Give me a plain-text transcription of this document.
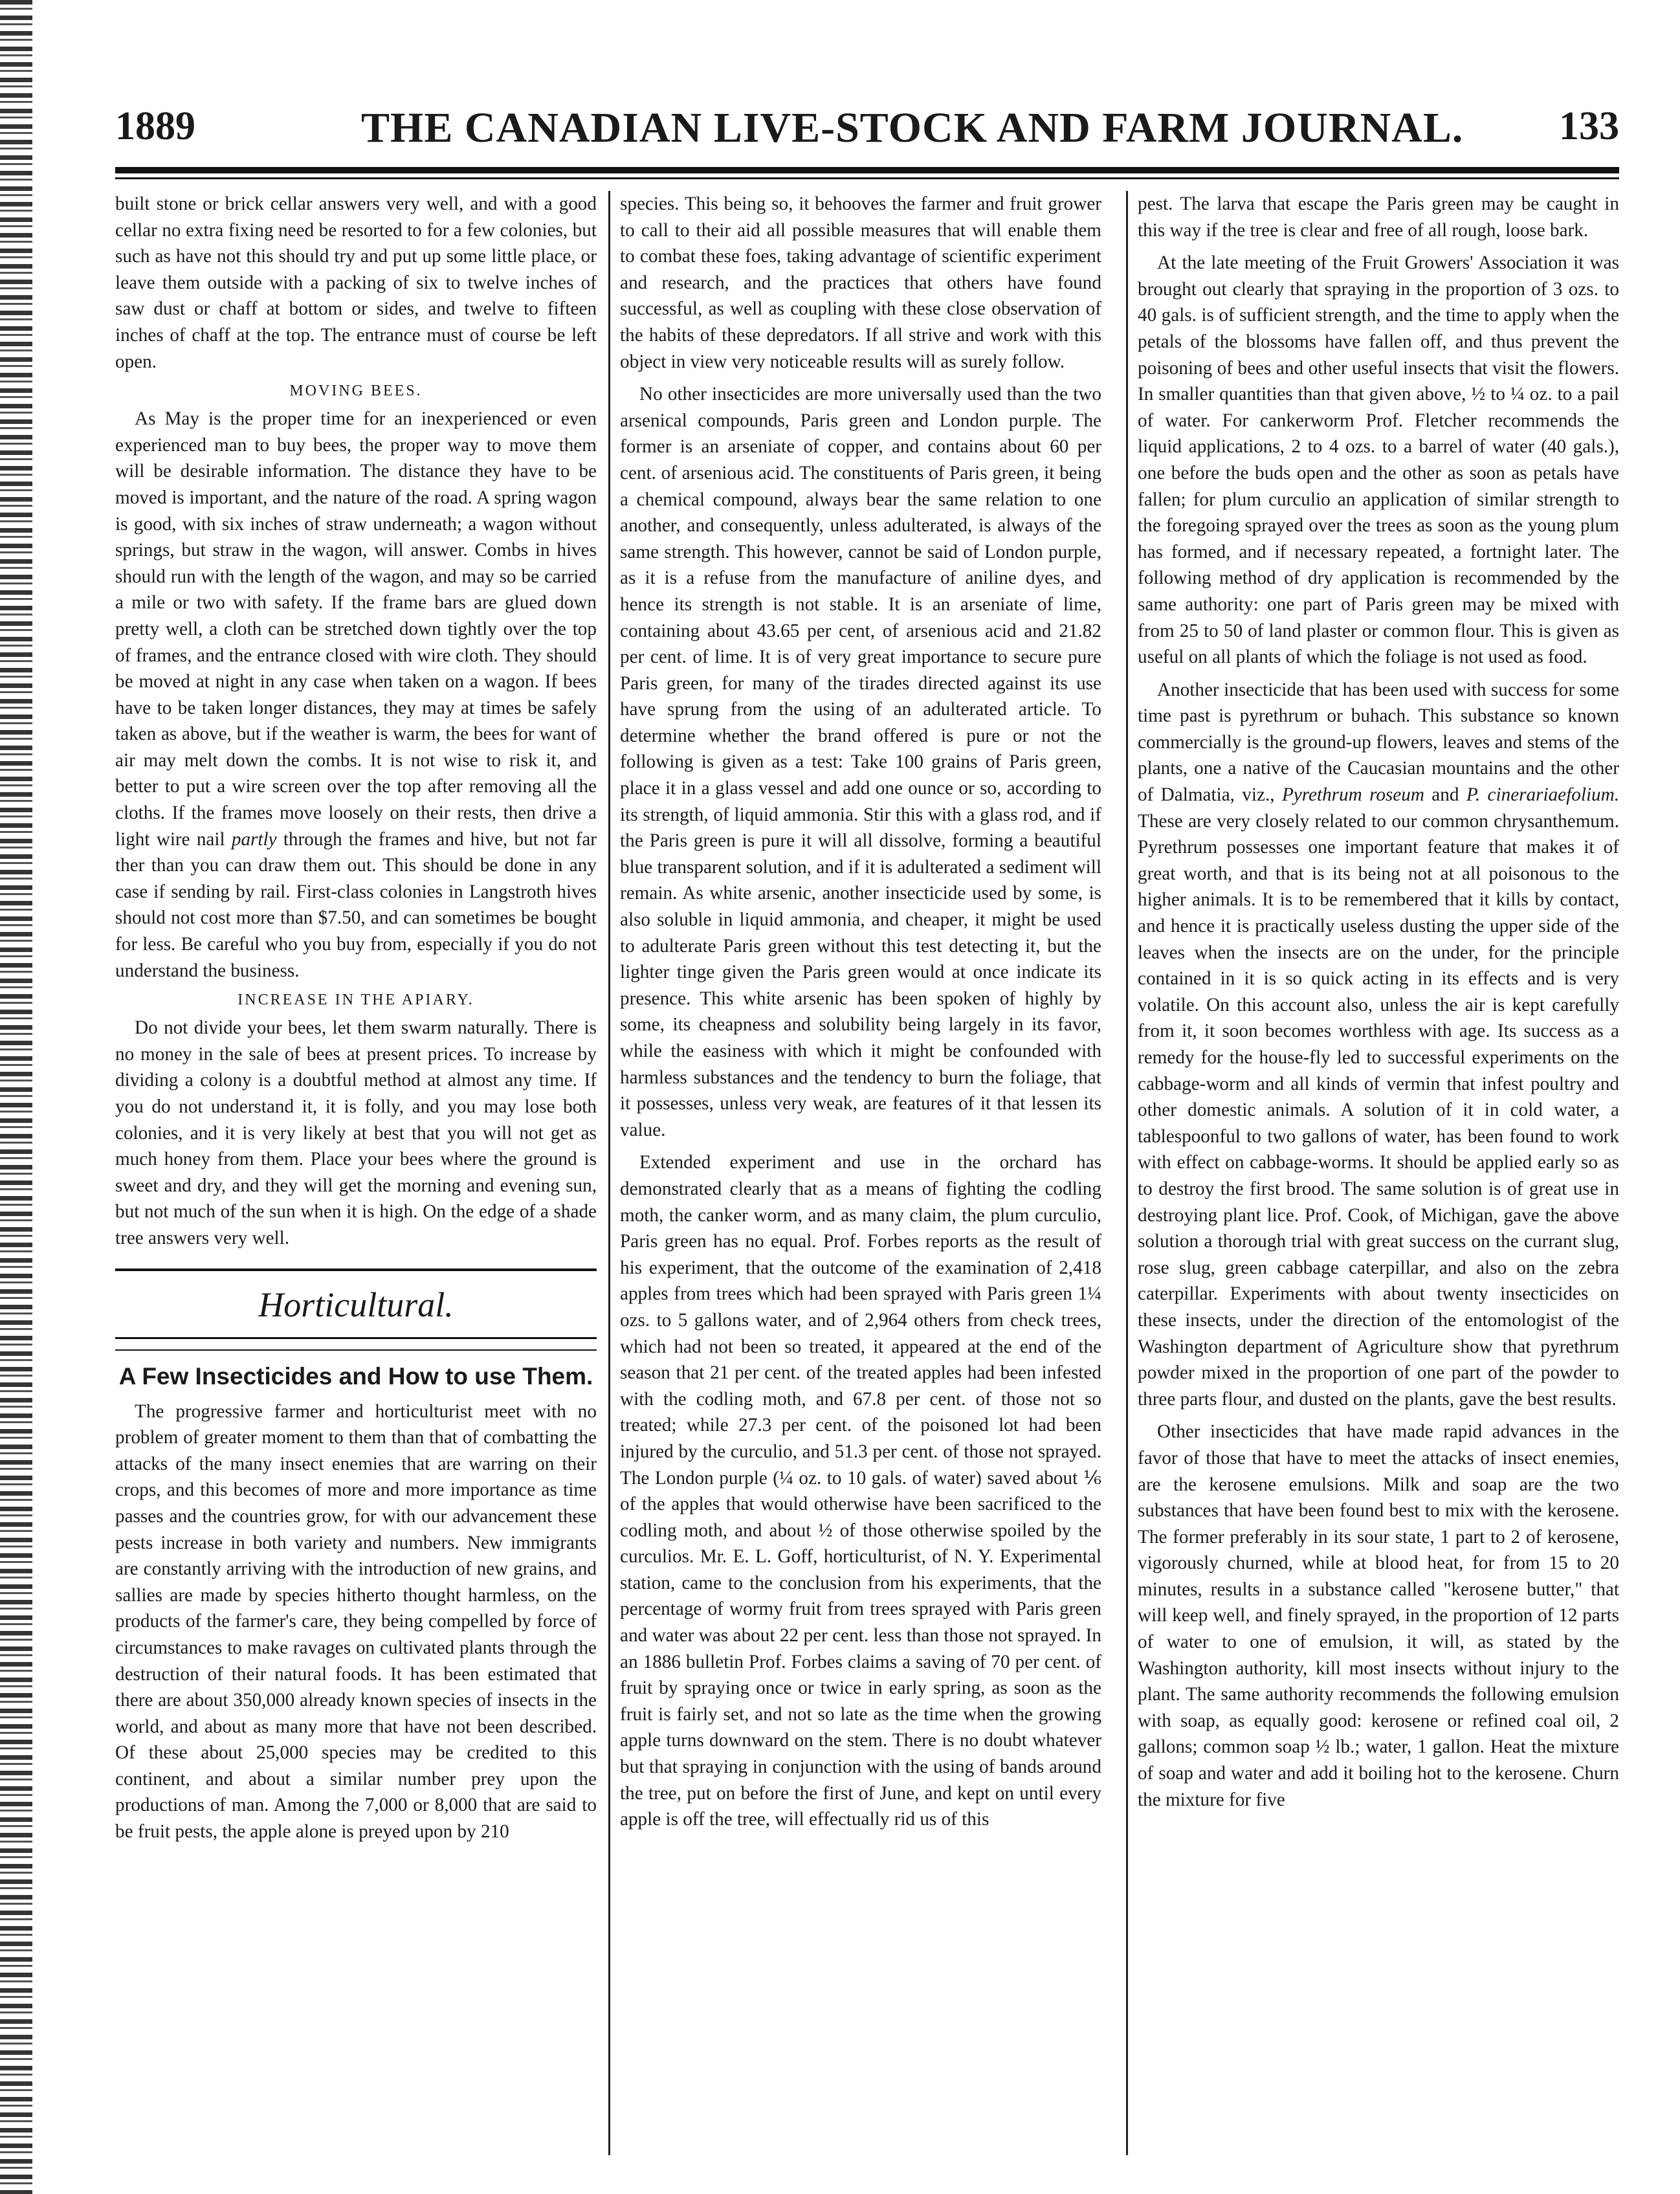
1889	THE CANADIAN LIVE-STOCK AND FARM JOURNAL.	133

built stone or brick cellar answers very well, and with a good cellar no extra fixing need be resorted to for a few colonies, but such as have not this should try and put up some little place, or leave them outside with a packing of six to twelve inches of saw dust or chaff at bottom or sides, and twelve to fifteen inches of chaff at the top. The entrance must of course be left open.

MOVING BEES.

As May is the proper time for an inexperienced or even experienced man to buy bees, the proper way to move them will be desirable information. The distance they have to be moved is important, and the nature of the road. A spring wagon is good, with six inches of straw underneath; a wagon without springs, but straw in the wagon, will answer. Combs in hives should run with the length of the wagon, and may so be carried a mile or two with safety. If the frame bars are glued down pretty well, a cloth can be stretched down tightly over the top of frames, and the entrance closed with wire cloth. They should be moved at night in any case when taken on a wagon. If bees have to be taken longer distances, they may at times be safely taken as above, but if the weather is warm, the bees for want of air may melt down the combs. It is not wise to risk it, and better to put a wire screen over the top after removing all the cloths. If the frames move loosely on their rests, then drive a light wire nail partly through the frames and hive, but not far ther than you can draw them out. This should be done in any case if sending by rail. First-class colonies in Langstroth hives should not cost more than $7.50, and can sometimes be bought for less. Be careful who you buy from, especially if you do not understand the business.

INCREASE IN THE APIARY.

Do not divide your bees, let them swarm naturally. There is no money in the sale of bees at present prices. To increase by dividing a colony is a doubtful method at almost any time. If you do not understand it, it is folly, and you may lose both colonies, and it is very likely at best that you will not get as much honey from them. Place your bees where the ground is sweet and dry, and they will get the morning and evening sun, but not much of the sun when it is high. On the edge of a shade tree answers very well.

Horticultural.
A Few Insecticides and How to use Them.

The progressive farmer and horticulturist meet with no problem of greater moment to them than that of combatting the attacks of the many insect enemies that are warring on their crops, and this becomes of more and more importance as time passes and the countries grow, for with our advancement these pests increase in both variety and numbers. New immigrants are constantly arriving with the introduction of new grains, and sallies are made by species hitherto thought harmless, on the products of the farmer's care, they being compelled by force of circumstances to make ravages on cultivated plants through the destruction of their natural foods. It has been estimated that there are about 350,000 already known species of insects in the world, and about as many more that have not been described. Of these about 25,000 species may be credited to this continent, and about a similar number prey upon the productions of man. Among the 7,000 or 8,000 that are said to be fruit pests, the apple alone is preyed upon by 210

species. This being so, it behooves the farmer and fruit grower to call to their aid all possible measures that will enable them to combat these foes, taking advantage of scientific experiment and research, and the practices that others have found successful, as well as coupling with these close observation of the habits of these depredators. If all strive and work with this object in view very noticeable results will as surely follow.

No other insecticides are more universally used than the two arsenical compounds, Paris green and London purple. The former is an arseniate of copper, and contains about 60 per cent. of arsenious acid. The constituents of Paris green, it being a chemical compound, always bear the same relation to one another, and consequently, unless adulterated, is always of the same strength. This however, cannot be said of London purple, as it is a refuse from the manufacture of aniline dyes, and hence its strength is not stable. It is an arseniate of lime, containing about 43.65 per cent, of arsenious acid and 21.82 per cent. of lime. It is of very great importance to secure pure Paris green, for many of the tirades directed against its use have sprung from the using of an adulterated article. To determine whether the brand offered is pure or not the following is given as a test: Take 100 grains of Paris green, place it in a glass vessel and add one ounce or so, according to its strength, of liquid ammonia. Stir this with a glass rod, and if the Paris green is pure it will all dissolve, forming a beautiful blue transparent solution, and if it is adulterated a sediment will remain. As white arsenic, another insecticide used by some, is also soluble in liquid ammonia, and cheaper, it might be used to adulterate Paris green without this test detecting it, but the lighter tinge given the Paris green would at once indicate its presence. This white arsenic has been spoken of highly by some, its cheapness and solubility being largely in its favor, while the easiness with which it might be confounded with harmless substances and the tendency to burn the foliage, that it possesses, unless very weak, are features of it that lessen its value.

Extended experiment and use in the orchard has demonstrated clearly that as a means of fighting the codling moth, the canker worm, and as many claim, the plum curculio, Paris green has no equal. Prof. Forbes reports as the result of his experiment, that the outcome of the examination of 2,418 apples from trees which had been sprayed with Paris green 1¼ ozs. to 5 gallons water, and of 2,964 others from check trees, which had not been so treated, it appeared at the end of the season that 21 per cent. of the treated apples had been infested with the codling moth, and 67.8 per cent. of those not so treated; while 27.3 per cent. of the poisoned lot had been injured by the curculio, and 51.3 per cent. of those not sprayed. The London purple (¼ oz. to 10 gals. of water) saved about ⅙ of the apples that would otherwise have been sacrificed to the codling moth, and about ½ of those otherwise spoiled by the curculios. Mr. E. L. Goff, horticulturist, of N. Y. Experimental station, came to the conclusion from his experiments, that the percentage of wormy fruit from trees sprayed with Paris green and water was about 22 per cent. less than those not sprayed. In an 1886 bulletin Prof. Forbes claims a saving of 70 per cent. of fruit by spraying once or twice in early spring, as soon as the fruit is fairly set, and not so late as the time when the growing apple turns downward on the stem. There is no doubt whatever but that spraying in conjunction with the using of bands around the tree, put on before the first of June, and kept on until every apple is off the tree, will effectually rid us of this

pest. The larva that escape the Paris green may be caught in this way if the tree is clear and free of all rough, loose bark.

At the late meeting of the Fruit Growers' Association it was brought out clearly that spraying in the proportion of 3 ozs. to 40 gals. is of sufficient strength, and the time to apply when the petals of the blossoms have fallen off, and thus prevent the poisoning of bees and other useful insects that visit the flowers. In smaller quantities than that given above, ½ to ¼ oz. to a pail of water. For cankerworm Prof. Fletcher recommends the liquid applications, 2 to 4 ozs. to a barrel of water (40 gals.), one before the buds open and the other as soon as petals have fallen; for plum curculio an application of similar strength to the foregoing sprayed over the trees as soon as the young plum has formed, and if necessary repeated, a fortnight later. The following method of dry application is recommended by the same authority: one part of Paris green may be mixed with from 25 to 50 of land plaster or common flour. This is given as useful on all plants of which the foliage is not used as food.

Another insecticide that has been used with success for some time past is pyrethrum or buhach. This substance so known commercially is the ground-up flowers, leaves and stems of the plants, one a native of the Caucasian mountains and the other of Dalmatia, viz., Pyrethrum roseum and P. cinerariaefolium. These are very closely related to our common chrysanthemum. Pyrethrum possesses one important feature that makes it of great worth, and that is its being not at all poisonous to the higher animals. It is to be remembered that it kills by contact, and hence it is practically useless dusting the upper side of the leaves when the insects are on the under, for the principle contained in it is so quick acting in its effects and is very volatile. On this account also, unless the air is kept carefully from it, it soon becomes worthless with age. Its success as a remedy for the house-fly led to successful experiments on the cabbage-worm and all kinds of vermin that infest poultry and other domestic animals. A solution of it in cold water, a tablespoonful to two gallons of water, has been found to work with effect on cabbage-worms. It should be applied early so as to destroy the first brood. The same solution is of great use in destroying plant lice. Prof. Cook, of Michigan, gave the above solution a thorough trial with great success on the currant slug, rose slug, green cabbage caterpillar, and also on the zebra caterpillar. Experiments with about twenty insecticides on these insects, under the direction of the entomologist of the Washington department of Agriculture show that pyrethrum powder mixed in the proportion of one part of the powder to three parts flour, and dusted on the plants, gave the best results.

Other insecticides that have made rapid advances in the favor of those that have to meet the attacks of insect enemies, are the kerosene emulsions. Milk and soap are the two substances that have been found best to mix with the kerosene. The former preferably in its sour state, 1 part to 2 of kerosene, vigorously churned, while at blood heat, for from 15 to 20 minutes, results in a substance called "kerosene butter," that will keep well, and finely sprayed, in the proportion of 12 parts of water to one of emulsion, it will, as stated by the Washington authority, kill most insects without injury to the plant. The same authority recommends the following emulsion with soap, as equally good: kerosene or refined coal oil, 2 gallons; common soap ½ lb.; water, 1 gallon. Heat the mixture of soap and water and add it boiling hot to the kerosene. Churn the mixture for five
